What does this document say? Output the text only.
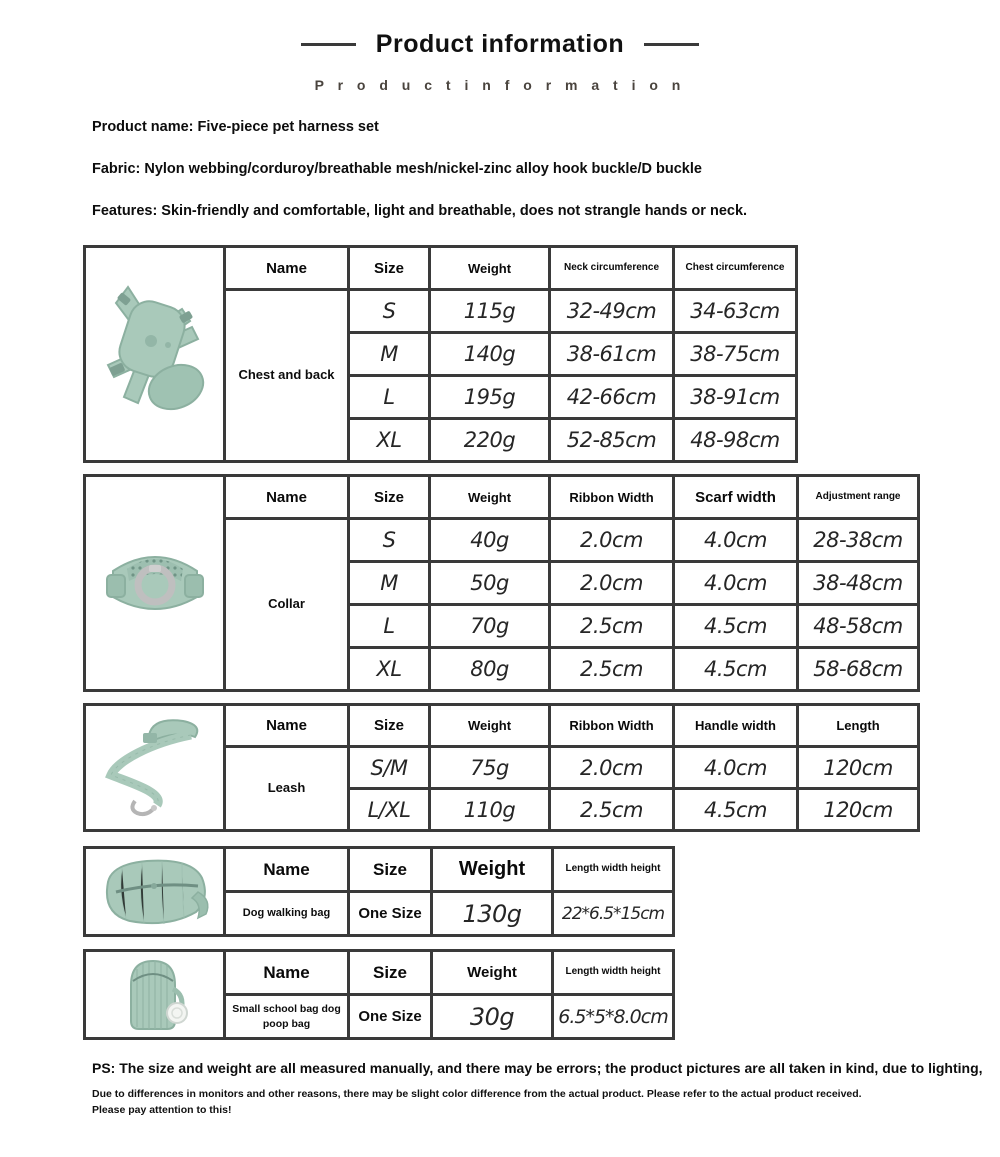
Product information
P r o d u c t i n f o r m a t i o n

Product name: Five-piece pet harness set

Fabric: Nylon webbing/corduroy/breathable mesh/nickel-zinc alloy hook buckle/D buckle

Features: Skin-friendly and comfortable, light and breathable, does not strangle hands or neck.

	Name	Size	Weight	Neck circumference	Chest circumference
	Chest and back	S	115g	32-49cm	34-63cm
		M	140g	38-61cm	38-75cm
		L	195g	42-66cm	38-91cm
		XL	220g	52-85cm	48-98cm
	Name	Size	Weight	Ribbon Width	Scarf width	Adjustment range
	Collar	S	40g	2.0cm	4.0cm	28-38cm
		M	50g	2.0cm	4.0cm	38-48cm
		L	70g	2.5cm	4.5cm	48-58cm
		XL	80g	2.5cm	4.5cm	58-68cm
	Name	Size	Weight	Ribbon Width	Handle width	Length
	Leash	S/M	75g	2.0cm	4.0cm	120cm
		L/XL	110g	2.5cm	4.5cm	120cm
	Name	Size	Weight	Length width height
	Dog walking bag	One Size	130g	22*6.5*15cm
	Name	Size	Weight	Length width height
	Small school bag dog poop bag	One Size	30g	6.5*5*8.0cm

PS: The size and weight are all measured manually, and there may be errors; the product pictures are all taken in kind, due to lighting,

Due to differences in monitors and other reasons, there may be slight color difference from the actual product. Please refer to the actual product received. Please pay attention to this!
